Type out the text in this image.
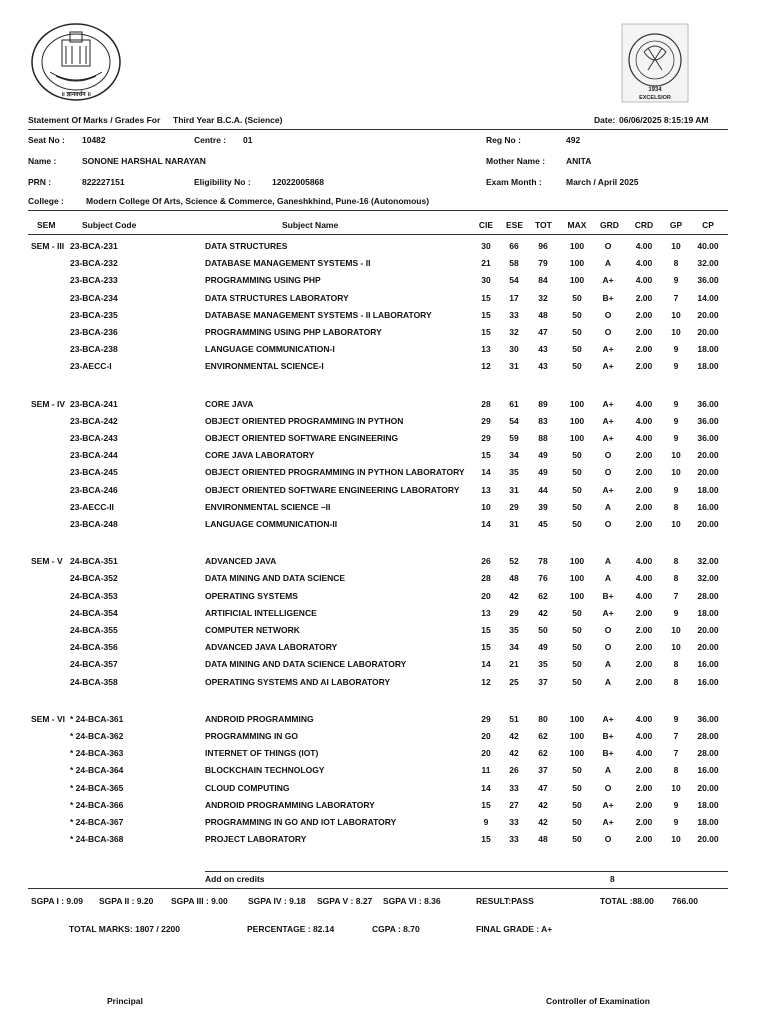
॥ ज्ञानवर्धन ॥
1934
EXCELSIOR
Statement Of Marks / Grades For Third Year B.C.A. (Science)	Date: 06/06/2025 8:15:19 AM
Seat No : 10482	Centre : 01	Reg No :	492
Name :	SONONE HARSHAL NARAYAN	Mother Name : ANITA
PRN :	822227151	Eligibility No :	12022005868	Exam Month :	March / April 2025
College :	Modern College Of Arts, Science & Commerce, Ganeshkhind, Pune-16 (Autonomous)
SEM	Subject Code	Subject Name	CIE ESE TOT MAX GRD	CRD	GP	CP
SEM - III 23-BCA-231	DATA STRUCTURES	30	66	96	100	O	4.00	10	40.00
23-BCA-232	DATABASE MANAGEMENT SYSTEMS - II	21	58	79	100	A	4.00	8	32.00
23-BCA-233	PROGRAMMING USING PHP	30	54	84	100	A+	4.00	9	36.00
23-BCA-234	DATA STRUCTURES LABORATORY	15	17	32	50	B+	2.00	7	14.00
23-BCA-235	DATABASE MANAGEMENT SYSTEMS - II LABORATORY	15	33	48	50	O	2.00	10	20.00
23-BCA-236	PROGRAMMING USING PHP LABORATORY	15	32	47	50	O	2.00	10	20.00
23-BCA-238	LANGUAGE COMMUNICATION-I	13	30	43	50	A+	2.00	9	18.00
23-AECC-I	ENVIRONMENTAL SCIENCE-I	12	31	43	50	A+	2.00	9	18.00
SEM - IV 23-BCA-241	CORE JAVA	28	61	89	100	A+	4.00	9	36.00
23-BCA-242	OBJECT ORIENTED PROGRAMMING IN PYTHON	29	54	83	100	A+	4.00	9	36.00
23-BCA-243	OBJECT ORIENTED SOFTWARE ENGINEERING	29	59	88	100	A+	4.00	9	36.00
23-BCA-244	CORE JAVA LABORATORY	15	34	49	50	O	2.00	10	20.00
23-BCA-245	OBJECT ORIENTED PROGRAMMING IN PYTHON LABORATORY	14	35	49	50	O	2.00	10	20.00
23-BCA-246	OBJECT ORIENTED SOFTWARE ENGINEERING LABORATORY	13	31	44	50	A+	2.00	9	18.00
23-AECC-II	ENVIRONMENTAL SCIENCE –II	10	29	39	50	A	2.00	8	16.00
23-BCA-248	LANGUAGE COMMUNICATION-II	14	31	45	50	O	2.00	10	20.00
SEM - V 24-BCA-351	ADVANCED JAVA	26	52	78	100	A	4.00	8	32.00
24-BCA-352	DATA MINING AND DATA SCIENCE	28	48	76	100	A	4.00	8	32.00
24-BCA-353	OPERATING SYSTEMS	20	42	62	100	B+	4.00	7	28.00
24-BCA-354	ARTIFICIAL INTELLIGENCE	13	29	42	50	A+	2.00	9	18.00
24-BCA-355	COMPUTER NETWORK	15	35	50	50	O	2.00	10	20.00
24-BCA-356	ADVANCED JAVA LABORATORY	15	34	49	50	O	2.00	10	20.00
24-BCA-357	DATA MINING AND DATA SCIENCE LABORATORY	14	21	35	50	A	2.00	8	16.00
24-BCA-358	OPERATING SYSTEMS AND AI LABORATORY	12	25	37	50	A	2.00	8	16.00
SEM - VI * 24-BCA-361	ANDROID PROGRAMMING	29	51	80	100	A+	4.00	9	36.00
* 24-BCA-362	PROGRAMMING IN GO	20	42	62	100	B+	4.00	7	28.00
* 24-BCA-363	INTERNET OF THINGS (IOT)	20	42	62	100	B+	4.00	7	28.00
* 24-BCA-364	BLOCKCHAIN TECHNOLOGY	11	26	37	50	A	2.00	8	16.00
* 24-BCA-365	CLOUD COMPUTING	14	33	47	50	O	2.00	10	20.00
* 24-BCA-366	ANDROID PROGRAMMING LABORATORY	15	27	42	50	A+	2.00	9	18.00
* 24-BCA-367	PROGRAMMING IN GO AND IOT LABORATORY	9	33	42	50	A+	2.00	9	18.00
* 24-BCA-368	PROJECT LABORATORY	15	33	48	50	O	2.00	10	20.00
Add on credits	8
SGPA I : 9.09 SGPA II : 9.20 SGPA III : 9.00 SGPA IV : 9.18 SGPA V : 8.27 SGPA VI : 8.36	RESULT:PASS	TOTAL :88.00 766.00
TOTAL MARKS: 1807 / 2200	PERCENTAGE : 82.14	CGPA : 8.70	FINAL GRADE : A+
Principal	Controller of Examination
